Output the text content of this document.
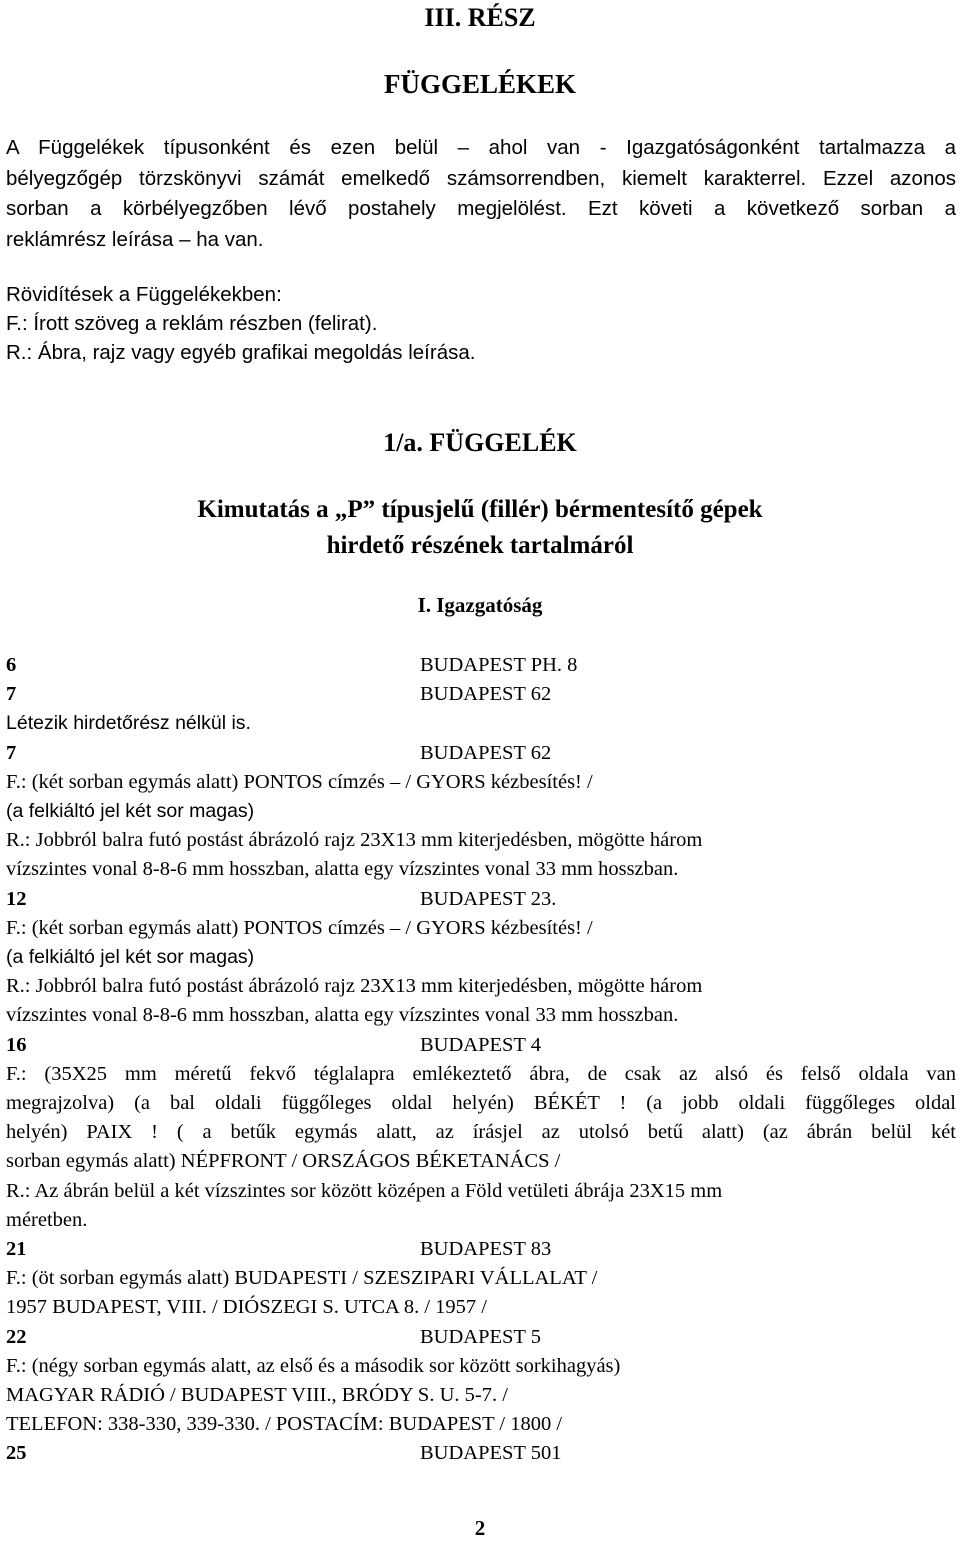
III. RÉSZ
FÜGGELÉKEK
A Függelékek típusonként és ezen belül – ahol van - Igazgatóságonként tartalmazza a
bélyegzőgép törzskönyvi számát emelkedő számsorrendben, kiemelt karakterrel. Ezzel azonos
sorban a körbélyegzőben lévő postahely megjelölést. Ezt követi a következő sorban a
reklámrész leírása – ha van.
Rövidítések a Függelékekben:
F.: Írott szöveg a reklám részben (felirat).
R.: Ábra, rajz vagy egyéb grafikai megoldás leírása.
1/a. FÜGGELÉK
Kimutatás a „P” típusjelű (fillér) bérmentesítő gépek
hirdető részének tartalmáról
I. Igazgatóság
6	BUDAPEST PH. 8
7	BUDAPEST 62
Létezik hirdetőrész nélkül is.
7	BUDAPEST 62
F.: (két sorban egymás alatt) PONTOS címzés – / GYORS kézbesítés! /
(a felkiáltó jel két sor magas)
R.: Jobbról balra futó postást ábrázoló rajz 23X13 mm kiterjedésben, mögötte három
vízszintes vonal 8-8-6 mm hosszban, alatta egy vízszintes vonal 33 mm hosszban.
12	BUDAPEST 23.
F.: (két sorban egymás alatt) PONTOS címzés – / GYORS kézbesítés! /
(a felkiáltó jel két sor magas)
R.: Jobbról balra futó postást ábrázoló rajz 23X13 mm kiterjedésben, mögötte három
vízszintes vonal 8-8-6 mm hosszban, alatta egy vízszintes vonal 33 mm hosszban.
16	BUDAPEST 4
F.: (35X25 mm méretű fekvő téglalapra emlékeztető ábra, de csak az alsó és felső oldala van
megrajzolva) (a bal oldali függőleges oldal helyén) BÉKÉT ! (a jobb oldali függőleges oldal
helyén) PAIX ! ( a betűk egymás alatt, az írásjel az utolsó betű alatt) (az ábrán belül két
sorban egymás alatt) NÉPFRONT / ORSZÁGOS BÉKETANÁCS /
R.: Az ábrán belül a két vízszintes sor között középen a Föld vetületi ábrája 23X15 mm
méretben.
21	BUDAPEST 83
F.: (öt sorban egymás alatt) BUDAPESTI / SZESZIPARI VÁLLALAT /
1957 BUDAPEST, VIII. / DIÓSZEGI S. UTCA 8. / 1957 /
22	BUDAPEST 5
F.: (négy sorban egymás alatt, az első és a második sor között sorkihagyás)
MAGYAR RÁDIÓ / BUDAPEST VIII., BRÓDY S. U. 5-7. /
TELEFON: 338-330, 339-330. / POSTACÍM: BUDAPEST / 1800 /
25	BUDAPEST 501
2
